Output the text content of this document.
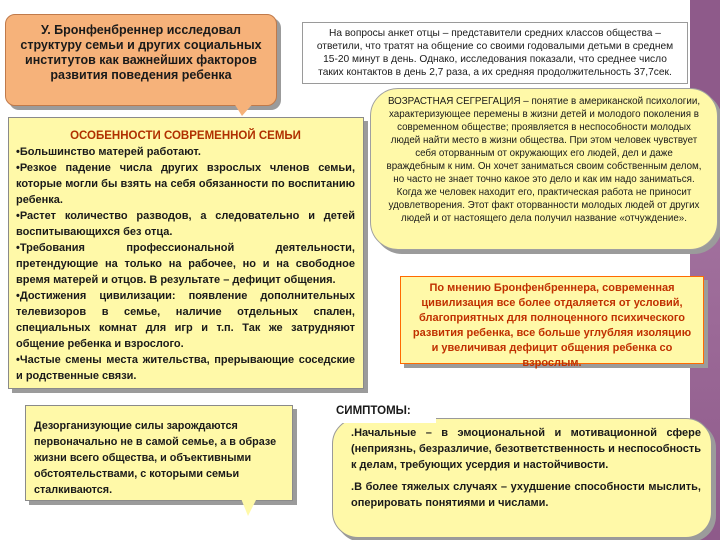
У. Бронфенбреннер исследовал структуру семьи и других социальных институтов как важнейших факторов развития поведения ребенка
На вопросы анкет отцы – представители средних классов общества – ответили, что тратят на общение со своими годовалыми детьми в среднем 15-20 минут в день. Однако, исследования показали, что среднее число таких контактов в день 2,7 раза, а их средняя продолжительность 37,7сек.
ОСОБЕННОСТИ СОВРЕМЕННОЙ СЕМЬИ
•Большинство матерей работают.
•Резкое падение числа других взрослых членов семьи, которые могли бы взять на себя обязанности по воспитанию ребенка.
•Растет количество разводов, а следовательно и детей воспитывающихся без отца.
•Требования профессиональной деятельности, претендующие на только на рабочее, но и на свободное время матерей и отцов. В результате – дефицит общения.
•Достижения цивилизации: появление дополнительных телевизоров в семье, наличие отдельных спален, специальных комнат для игр и т.п. Так же затрудняют общение ребенка и взрослого.
•Частые смены места жительства, прерывающие соседские и родственные связи.
ВОЗРАСТНАЯ СЕГРЕГАЦИЯ – понятие в американской психологии, характеризующее перемены в жизни детей и молодого поколения в современном обществе; проявляется в неспособности молодых людей найти место в жизни общества. При этом человек чувствует себя оторванным от окружающих его людей, дел и даже враждебным к ним. Он хочет заниматься своим собственным делом, но часто не знает точно какое это дело и как им надо заниматься. Когда же человек находит его, практическая работа не приносит удовлетворения. Этот факт оторванности молодых людей от других людей и от настоящего дела получил название «отчуждение».
По мнению Бронфенбреннера, современная цивилизация все более отдаляется от условий, благоприятных для полноценного психического развития ребенка, все больше углубляя изоляцию и увеличивая дефицит общения ребенка со взрослым.
Дезорганизующие силы зарождаются первоначально не в самой семье, а в образе жизни всего общества, и объективными обстоятельствами, с которыми семьи сталкиваются.
.Начальные – в эмоциональной и мотивационной сфере (неприязнь, безразличие, безответственность и неспособность к делам, требующих усердия и настойчивости.
.В более тяжелых случаях – ухудшение способности мыслить, оперировать понятиями и числами.
СИМПТОМЫ:
